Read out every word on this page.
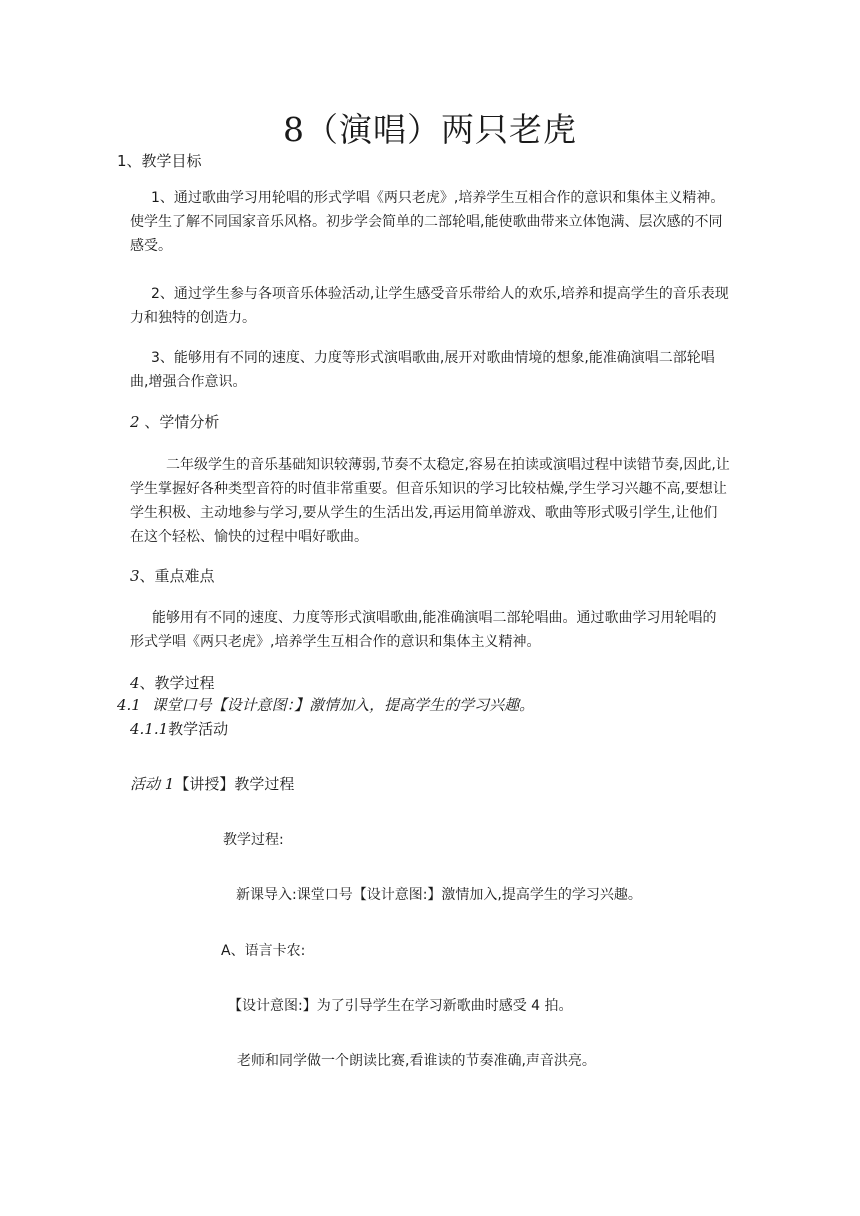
8（演唱）两只老虎
1、教学目标

1、通过歌曲学习用轮唱的形式学唱《两只老虎》,培养学生互相合作的意识和集体主义精神。使学生了解不同国家音乐风格。初步学会简单的二部轮唱,能使歌曲带来立体饱满、层次感的不同感受。

2、通过学生参与各项音乐体验活动,让学生感受音乐带给人的欢乐,培养和提高学生的音乐表现力和独特的创造力。

3、能够用有不同的速度、力度等形式演唱歌曲,展开对歌曲情境的想象,能准确演唱二部轮唱曲,增强合作意识。

2 、学情分析

二年级学生的音乐基础知识较薄弱,节奏不太稳定,容易在拍读或演唱过程中读错节奏,因此,让学生掌握好各种类型音符的时值非常重要。但音乐知识的学习比较枯燥,学生学习兴趣不高,要想让学生积极、主动地参与学习,要从学生的生活出发,再运用简单游戏、歌曲等形式吸引学生,让他们在这个轻松、愉快的过程中唱好歌曲。

3、重点难点

能够用有不同的速度、力度等形式演唱歌曲,能准确演唱二部轮唱曲。通过歌曲学习用轮唱的形式学唱《两只老虎》,培养学生互相合作的意识和集体主义精神。

4、教学过程
4.1 课堂口号【设计意图：】激情加入，提高学生的学习兴趣。
4.1.1教学活动
活动 1【讲授】教学过程
教学过程:
新课导入:课堂口号【设计意图:】激情加入,提高学生的学习兴趣。
A、语言卡农:
【设计意图:】为了引导学生在学习新歌曲时感受 4 拍。
老师和同学做一个朗读比赛,看谁读的节奏准确,声音洪亮。
